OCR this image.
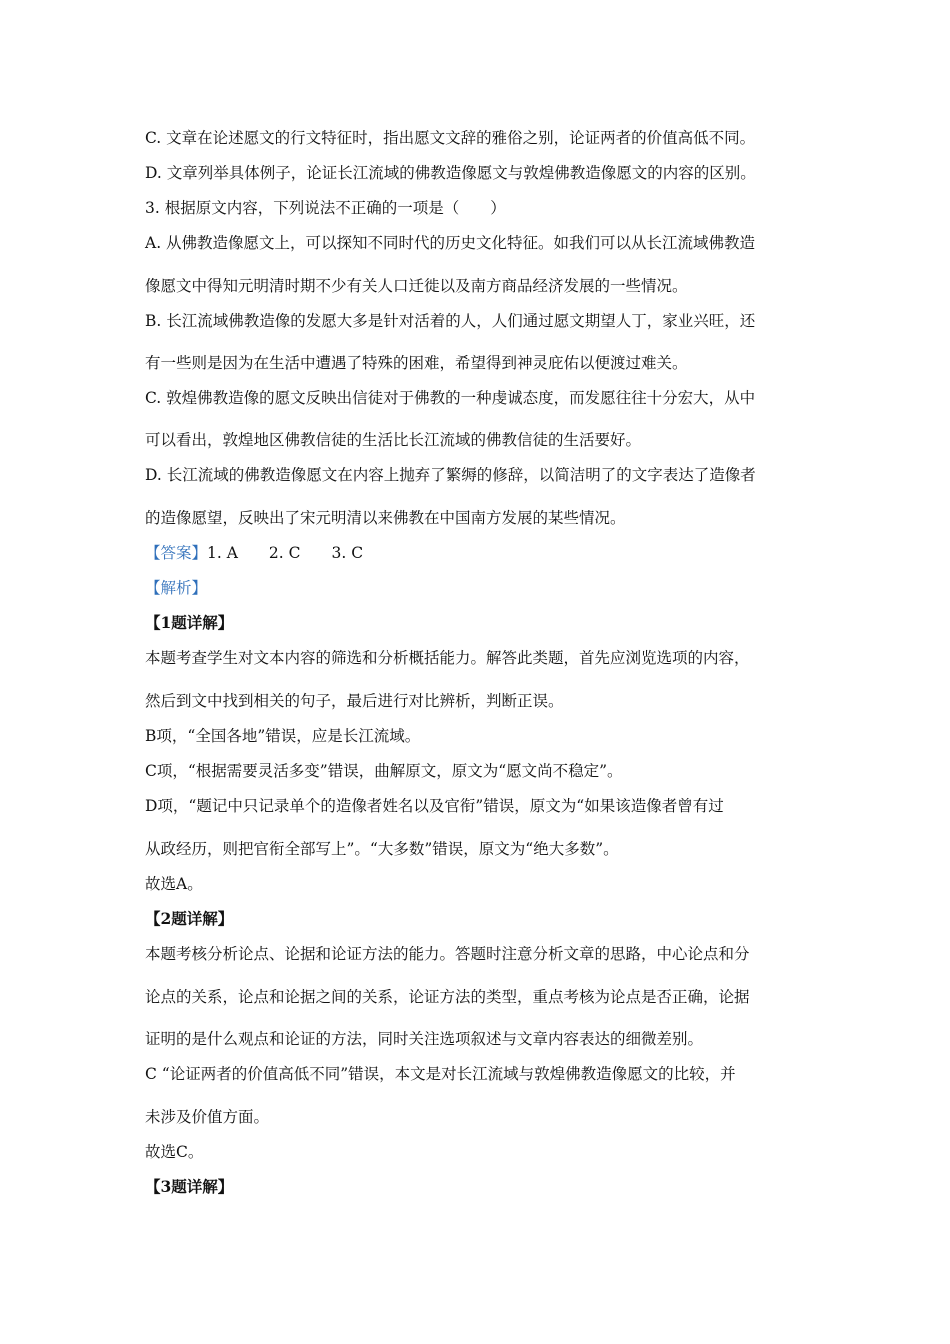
C. 文章在论述愿文的行文特征时，指出愿文文辞的雅俗之别，论证两者的价值高低不同。
D. 文章列举具体例子，论证长江流域的佛教造像愿文与敦煌佛教造像愿文的内容的区别。
3. 根据原文内容，下列说法不正确的一项是（　　）
A. 从佛教造像愿文上，可以探知不同时代的历史文化特征。如我们可以从长江流域佛教造
像愿文中得知元明清时期不少有关人口迁徙以及南方商品经济发展的一些情况。
B. 长江流域佛教造像的发愿大多是针对活着的人，人们通过愿文期望人丁，家业兴旺，还
有一些则是因为在生活中遭遇了特殊的困难，希望得到神灵庇佑以便渡过难关。
C. 敦煌佛教造像的愿文反映出信徒对于佛教的一种虔诚态度，而发愿往往十分宏大，从中
可以看出，敦煌地区佛教信徒的生活比长江流域的佛教信徒的生活要好。
D. 长江流域的佛教造像愿文在内容上抛弃了繁缛的修辞，以简洁明了的文字表达了造像者
的造像愿望，反映出了宋元明清以来佛教在中国南方发展的某些情况。
【答案】1. A　　2. C　　3. C
【解析】
【1题详解】
本题考查学生对文本内容的筛选和分析概括能力。解答此类题，首先应浏览选项的内容，
然后到文中找到相关的句子，最后进行对比辨析，判断正误。
B项，“全国各地”错误，应是长江流域。
C项，“根据需要灵活多变”错误，曲解原文，原文为“愿文尚不稳定”。
D项，“题记中只记录单个的造像者姓名以及官衔”错误，原文为“如果该造像者曾有过
从政经历，则把官衔全部写上”。“大多数”错误，原文为“绝大多数”。
故选A。
【2题详解】
本题考核分析论点、论据和论证方法的能力。答题时注意分析文章的思路，中心论点和分
论点的关系，论点和论据之间的关系，论证方法的类型，重点考核为论点是否正确，论据
证明的是什么观点和论证的方法，同时关注选项叙述与文章内容表达的细微差别。
C “论证两者的价值高低不同”错误，本文是对长江流域与敦煌佛教造像愿文的比较，并
未涉及价值方面。
故选C。
【3题详解】
